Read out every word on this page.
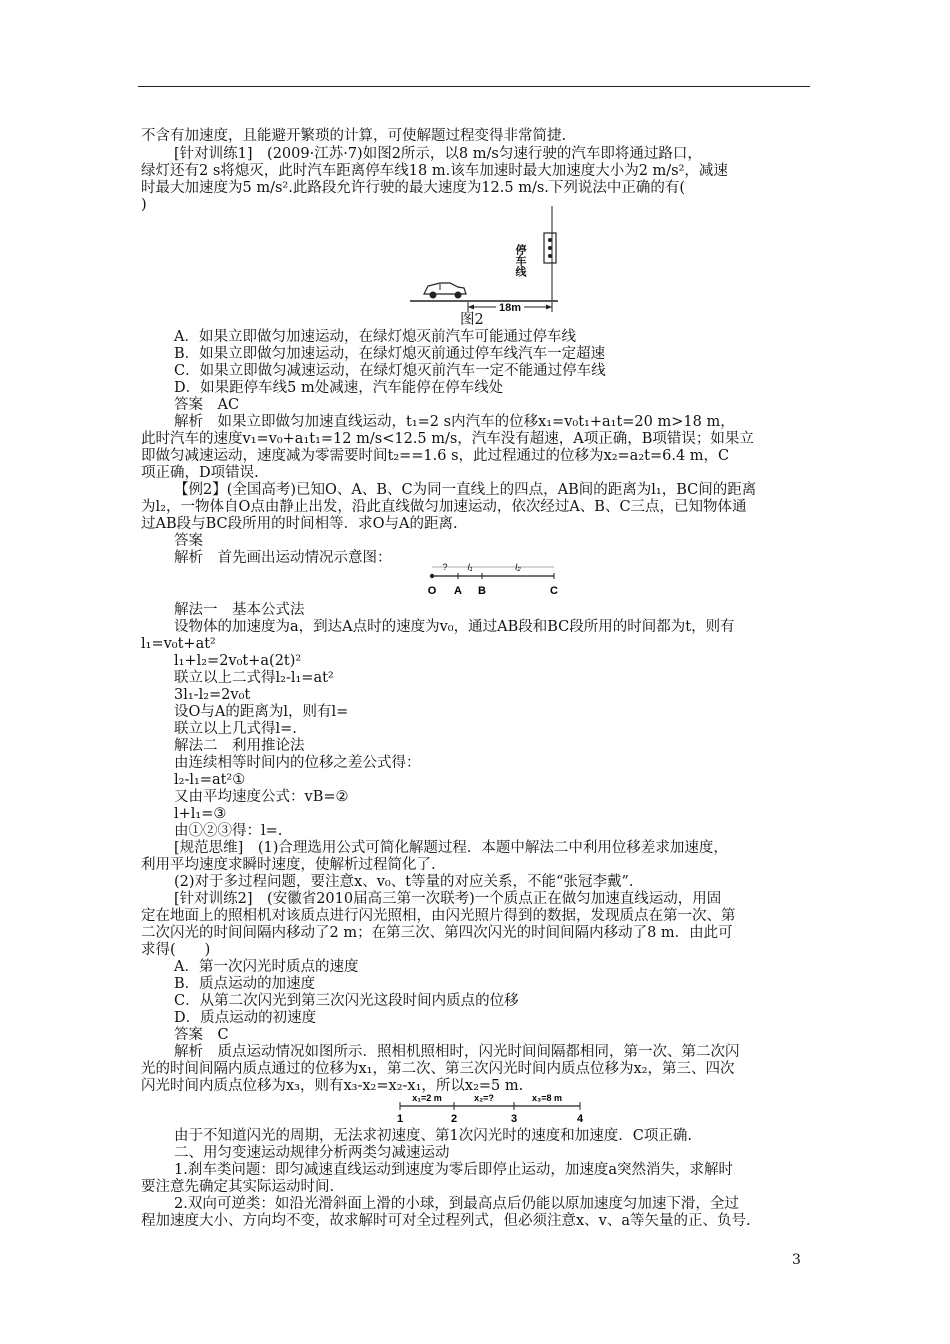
不含有加速度，且能避开繁琐的计算，可使解题过程变得非常简捷.
[针对训练1]　(2009·江苏·7)如图2所示，以8 m/s匀速行驶的汽车即将通过路口，
绿灯还有2 s将熄灭，此时汽车距离停车线18 m.该车加速时最大加速度大小为2 m/s²，减速
时最大加速度为5 m/s².此路段允许行驶的最大速度为12.5 m/s.下列说法中正确的有(
)
停车线
18m
图2
A．如果立即做匀加速运动，在绿灯熄灭前汽车可能通过停车线
B．如果立即做匀加速运动，在绿灯熄灭前通过停车线汽车一定超速
C．如果立即做匀减速运动，在绿灯熄灭前汽车一定不能通过停车线
D．如果距停车线5 m处减速，汽车能停在停车线处
答案　AC
解析　如果立即做匀加速直线运动，t₁=2 s内汽车的位移x₁=v₀t₁+a₁t=20 m>18 m，
此时汽车的速度v₁=v₀+a₁t₁=12 m/s<12.5 m/s，汽车没有超速，A项正确，B项错误；如果立
即做匀减速运动，速度减为零需要时间t₂==1.6 s，此过程通过的位移为x₂=a₂t=6.4 m，C
项正确，D项错误.
【例2】(全国高考)已知O、A、B、C为同一直线上的四点，AB间的距离为l₁，BC间的距离
为l₂，一物体自O点由静止出发，沿此直线做匀加速运动，依次经过A、B、C三点，已知物体通
过AB段与BC段所用的时间相等．求O与A的距离.
答案
解析　首先画出运动情况示意图：
? l₁	l₂
O A B	C
解法一　基本公式法
设物体的加速度为a，到达A点时的速度为v₀，通过AB段和BC段所用的时间都为t，则有
l₁=v₀t+at²
l₁+l₂=2v₀t+a(2t)²
联立以上二式得l₂-l₁=at²
3l₁-l₂=2v₀t
设O与A的距离为l，则有l=
联立以上几式得l=.
解法二　利用推论法
由连续相等时间内的位移之差公式得：
l₂-l₁=at²①
又由平均速度公式：vB=②
l+l₁=③
由①②③得：l=.
[规范思维]　(1)合理选用公式可简化解题过程．本题中解法二中利用位移差求加速度，
利用平均速度求瞬时速度，使解析过程简化了.
(2)对于多过程问题，要注意x、v₀、t等量的对应关系，不能“张冠李戴”.
[针对训练2]　(安徽省2010届高三第一次联考)一个质点正在做匀加速直线运动，用固
定在地面上的照相机对该质点进行闪光照相，由闪光照片得到的数据，发现质点在第一次、第
二次闪光的时间间隔内移动了2 m；在第三次、第四次闪光的时间间隔内移动了8 m．由此可
求得(　　)
A．第一次闪光时质点的速度
B．质点运动的加速度
C．从第二次闪光到第三次闪光这段时间内质点的位移
D．质点运动的初速度
答案　C
解析　质点运动情况如图所示．照相机照相时，闪光时间间隔都相同，第一次、第二次闪
光的时间间隔内质点通过的位移为x₁，第二次、第三次闪光时间内质点位移为x₂，第三、四次
闪光时间内质点位移为x₃，则有x₃-x₂=x₂-x₁，所以x₂=5 m.
x₁=2 m	x₂=?	x₃=8 m
1	2	3	4
由于不知道闪光的周期，无法求初速度、第1次闪光时的速度和加速度．C项正确.
二、用匀变速运动规律分析两类匀减速运动
1.刹车类问题：即匀减速直线运动到速度为零后即停止运动，加速度a突然消失，求解时
要注意先确定其实际运动时间.
2.双向可逆类：如沿光滑斜面上滑的小球，到最高点后仍能以原加速度匀加速下滑，全过
程加速度大小、方向均不变，故求解时可对全过程列式，但必须注意x、v、a等矢量的正、负号.
3
